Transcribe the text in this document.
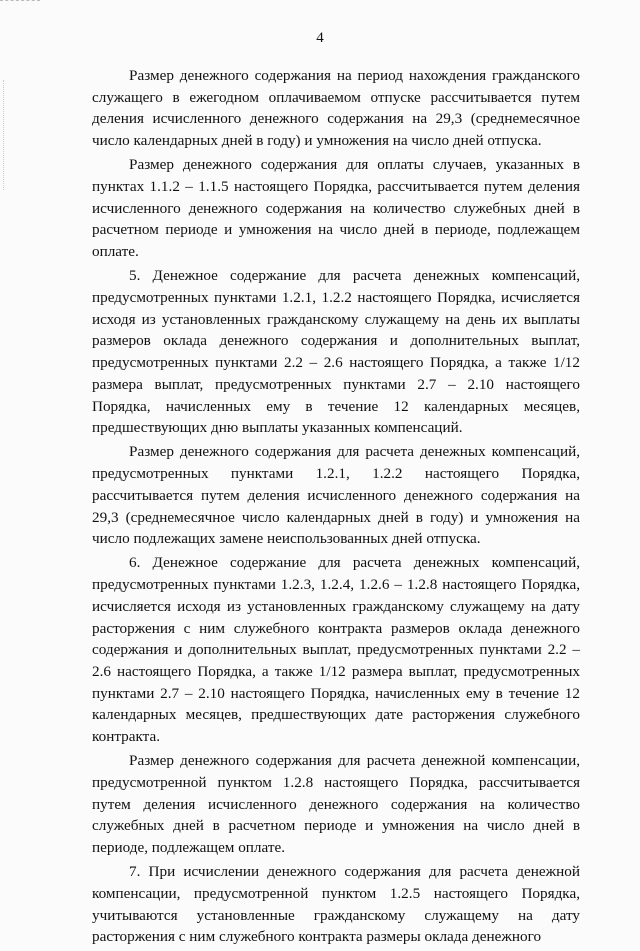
4

Размер денежного содержания на период нахождения гражданского служащего в ежегодном оплачиваемом отпуске рассчитывается путем деления исчисленного денежного содержания на 29,3 (среднемесячное число календарных дней в году) и умножения на число дней отпуска.

Размер денежного содержания для оплаты случаев, указанных в пунктах 1.1.2 – 1.1.5 настоящего Порядка, рассчитывается путем деления исчисленного денежного содержания на количество служебных дней в расчетном периоде и умножения на число дней в периоде, подлежащем оплате.

5. Денежное содержание для расчета денежных компенсаций, предусмотренных пунктами 1.2.1, 1.2.2 настоящего Порядка, исчисляется исходя из установленных гражданскому служащему на день их выплаты размеров оклада денежного содержания и дополнительных выплат, предусмотренных пунктами 2.2 – 2.6 настоящего Порядка, а также 1/12 размера выплат, предусмотренных пунктами 2.7 – 2.10 настоящего Порядка, начисленных ему в течение 12 календарных месяцев, предшествующих дню выплаты указанных компенсаций.

Размер денежного содержания для расчета денежных компенсаций, предусмотренных пунктами 1.2.1, 1.2.2 настоящего Порядка, рассчитывается путем деления исчисленного денежного содержания на 29,3 (среднемесячное число календарных дней в году) и умножения на число подлежащих замене неиспользованных дней отпуска.

6. Денежное содержание для расчета денежных компенсаций, предусмотренных пунктами 1.2.3, 1.2.4, 1.2.6 – 1.2.8 настоящего Порядка, исчисляется исходя из установленных гражданскому служащему на дату расторжения с ним служебного контракта размеров оклада денежного содержания и дополнительных выплат, предусмотренных пунктами 2.2 – 2.6 настоящего Порядка, а также 1/12 размера выплат, предусмотренных пунктами 2.7 – 2.10 настоящего Порядка, начисленных ему в течение 12 календарных месяцев, предшествующих дате расторжения служебного контракта.

Размер денежного содержания для расчета денежной компенсации, предусмотренной пунктом 1.2.8 настоящего Порядка, рассчитывается путем деления исчисленного денежного содержания на количество служебных дней в расчетном периоде и умножения на число дней в периоде, подлежащем оплате.

7. При исчислении денежного содержания для расчета денежной компенсации, предусмотренной пунктом 1.2.5 настоящего Порядка, учитываются установленные гражданскому служащему на дату расторжения с ним служебного контракта размеры оклада денежного
